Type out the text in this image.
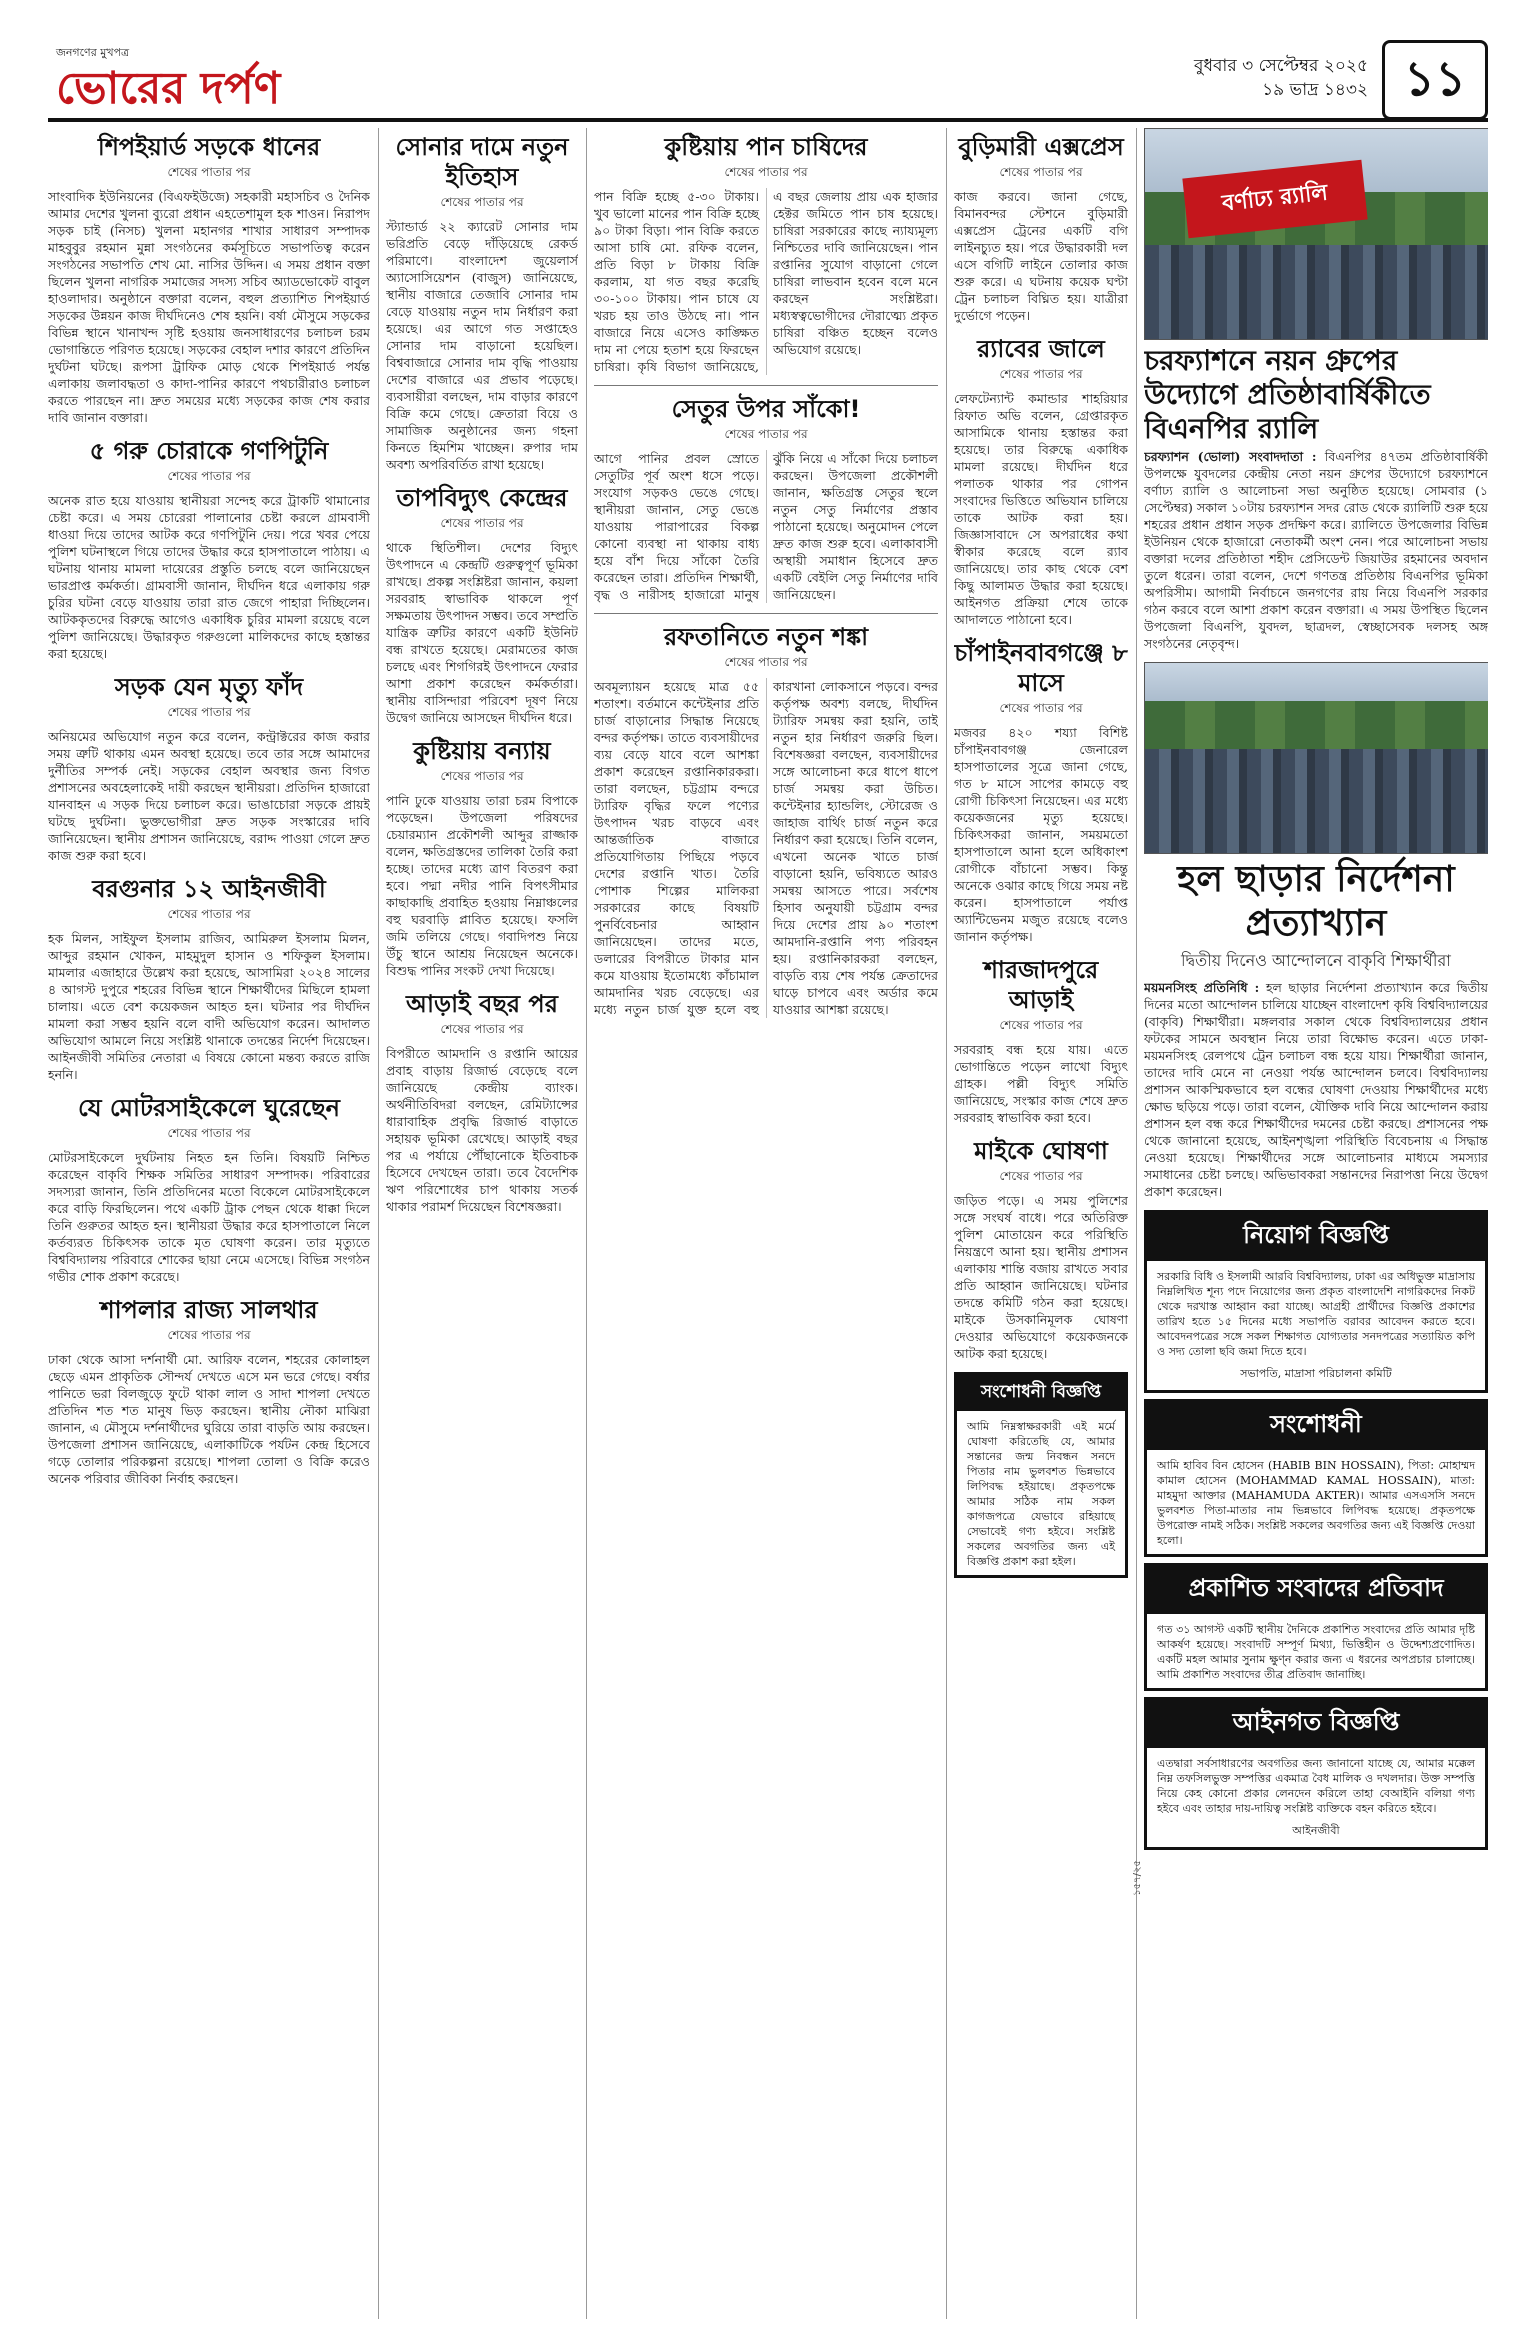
জনগণের মুখপত্র
ভোরের দর্পণ	বুধবার ৩ সেপ্টেম্বর ২০২৫
১৯ ভাদ্র ১৪৩২ ১১
শিপইয়ার্ড সড়কে ধানের
শেষের পাতার পর
সাংবাদিক ইউনিয়নের (বিএফইউজে) সহকারী মহাসচিব ও দৈনিক আমার দেশের খুলনা ব্যুরো প্রধান এহতেশামুল হক শাওন। নিরাপদ সড়ক চাই (নিসচ) খুলনা মহানগর শাখার সাধারণ সম্পাদক মাহবুবুর রহমান মুন্না সংগঠনের কর্মসূচিতে সভাপতিত্ব করেন সংগঠনের সভাপতি শেখ মো. নাসির উদ্দিন। এ সময় প্রধান বক্তা ছিলেন খুলনা নাগরিক সমাজের সদস্য সচিব অ্যাডভোকেট বাবুল হাওলাদার। অনুষ্ঠানে বক্তারা বলেন, বহুল প্রত্যাশিত শিপইয়ার্ড সড়কের উন্নয়ন কাজ দীর্ঘদিনেও শেষ হয়নি। বর্ষা মৌসুমে সড়কের বিভিন্ন স্থানে খানাখন্দ সৃষ্টি হওয়ায় জনসাধারণের চলাচল চরম ভোগান্তিতে পরিণত হয়েছে। সড়কের বেহাল দশার কারণে প্রতিদিন দুর্ঘটনা ঘটছে। রূপসা ট্রাফিক মোড় থেকে শিপইয়ার্ড পর্যন্ত এলাকায় জলাবদ্ধতা ও কাদা-পানির কারণে পথচারীরাও চলাচল করতে পারছেন না। দ্রুত সময়ের মধ্যে সড়কের কাজ শেষ করার দাবি জানান বক্তারা।
৫ গরু চোরাকে গণপিটুনি
শেষের পাতার পর
অনেক রাত হয়ে যাওয়ায় স্থানীয়রা সন্দেহ করে ট্রাকটি থামানোর চেষ্টা করে। এ সময় চোরেরা পালানোর চেষ্টা করলে গ্রামবাসী ধাওয়া দিয়ে তাদের আটক করে গণপিটুনি দেয়। পরে খবর পেয়ে পুলিশ ঘটনাস্থলে গিয়ে তাদের উদ্ধার করে হাসপাতালে পাঠায়। এ ঘটনায় থানায় মামলা দায়েরের প্রস্তুতি চলছে বলে জানিয়েছেন ভারপ্রাপ্ত কর্মকর্তা। গ্রামবাসী জানান, দীর্ঘদিন ধরে এলাকায় গরু চুরির ঘটনা বেড়ে যাওয়ায় তারা রাত জেগে পাহারা দিচ্ছিলেন। আটককৃতদের বিরুদ্ধে আগেও একাধিক চুরির মামলা রয়েছে বলে পুলিশ জানিয়েছে। উদ্ধারকৃত গরুগুলো মালিকদের কাছে হস্তান্তর করা হয়েছে।
সড়ক যেন মৃত্যু ফাঁদ
শেষের পাতার পর
অনিয়মের অভিযোগ নতুন করে বলেন, কন্ট্রাক্টরের কাজ করার সময় ত্রুটি থাকায় এমন অবস্থা হয়েছে। তবে তার সঙ্গে আমাদের দুর্নীতির সম্পর্ক নেই। সড়কের বেহাল অবস্থার জন্য বিগত প্রশাসনের অবহেলাকেই দায়ী করছেন স্থানীয়রা। প্রতিদিন হাজারো যানবাহন এ সড়ক দিয়ে চলাচল করে। ভাঙাচোরা সড়কে প্রায়ই ঘটছে দুর্ঘটনা। ভুক্তভোগীরা দ্রুত সড়ক সংস্কারের দাবি জানিয়েছেন। স্থানীয় প্রশাসন জানিয়েছে, বরাদ্দ পাওয়া গেলে দ্রুত কাজ শুরু করা হবে।
বরগুনার ১২ আইনজীবী
শেষের পাতার পর
হক মিলন, সাইফুল ইসলাম রাজিব, আমিরুল ইসলাম মিলন, আব্দুর রহমান খোকন, মাহমুদুল হাসান ও শফিকুল ইসলাম। মামলার এজাহারে উল্লেখ করা হয়েছে, আসামিরা ২০২৪ সালের ৪ আগস্ট দুপুরে শহরের বিভিন্ন স্থানে শিক্ষার্থীদের মিছিলে হামলা চালায়। এতে বেশ কয়েকজন আহত হন। ঘটনার পর দীর্ঘদিন মামলা করা সম্ভব হয়নি বলে বাদী অভিযোগ করেন। আদালত অভিযোগ আমলে নিয়ে সংশ্লিষ্ট থানাকে তদন্তের নির্দেশ দিয়েছেন। আইনজীবী সমিতির নেতারা এ বিষয়ে কোনো মন্তব্য করতে রাজি হননি।
যে মোটরসাইকেলে ঘুরেছেন
শেষের পাতার পর
মোটরসাইকেলে দুর্ঘটনায় নিহত হন তিনি। বিষয়টি নিশ্চিত করেছেন বাকৃবি শিক্ষক সমিতির সাধারণ সম্পাদক। পরিবারের সদস্যরা জানান, তিনি প্রতিদিনের মতো বিকেলে মোটরসাইকেলে করে বাড়ি ফিরছিলেন। পথে একটি ট্রাক পেছন থেকে ধাক্কা দিলে তিনি গুরুতর আহত হন। স্থানীয়রা উদ্ধার করে হাসপাতালে নিলে কর্তব্যরত চিকিৎসক তাকে মৃত ঘোষণা করেন। তার মৃত্যুতে বিশ্ববিদ্যালয় পরিবারে শোকের ছায়া নেমে এসেছে। বিভিন্ন সংগঠন গভীর শোক প্রকাশ করেছে।
শাপলার রাজ্য সালথার
শেষের পাতার পর
ঢাকা থেকে আসা দর্শনার্থী মো. আরিফ বলেন, শহরের কোলাহল ছেড়ে এমন প্রাকৃতিক সৌন্দর্য দেখতে এসে মন ভরে গেছে। বর্ষার পানিতে ভরা বিলজুড়ে ফুটে থাকা লাল ও সাদা শাপলা দেখতে প্রতিদিন শত শত মানুষ ভিড় করছেন। স্থানীয় নৌকা মাঝিরা জানান, এ মৌসুমে দর্শনার্থীদের ঘুরিয়ে তারা বাড়তি আয় করছেন। উপজেলা প্রশাসন জানিয়েছে, এলাকাটিকে পর্যটন কেন্দ্র হিসেবে গড়ে তোলার পরিকল্পনা রয়েছে। শাপলা তোলা ও বিক্রি করেও অনেক পরিবার জীবিকা নির্বাহ করছেন।
সোনার দামে নতুন ইতিহাস
শেষের পাতার পর
স্ট্যান্ডার্ড ২২ ক্যারেট সোনার দাম ভরিপ্রতি বেড়ে দাঁড়িয়েছে রেকর্ড পরিমাণে। বাংলাদেশ জুয়েলার্স অ্যাসোসিয়েশন (বাজুস) জানিয়েছে, স্থানীয় বাজারে তেজাবি সোনার দাম বেড়ে যাওয়ায় নতুন দাম নির্ধারণ করা হয়েছে। এর আগে গত সপ্তাহেও সোনার দাম বাড়ানো হয়েছিল। বিশ্ববাজারে সোনার দাম বৃদ্ধি পাওয়ায় দেশের বাজারে এর প্রভাব পড়েছে। ব্যবসায়ীরা বলছেন, দাম বাড়ার কারণে বিক্রি কমে গেছে। ক্রেতারা বিয়ে ও সামাজিক অনুষ্ঠানের জন্য গহনা কিনতে হিমশিম খাচ্ছেন। রুপার দাম অবশ্য অপরিবর্তিত রাখা হয়েছে।
তাপবিদ্যুৎ কেন্দ্রের
শেষের পাতার পর
থাকে স্থিতিশীল। দেশের বিদ্যুৎ উৎপাদনে এ কেন্দ্রটি গুরুত্বপূর্ণ ভূমিকা রাখছে। প্রকল্প সংশ্লিষ্টরা জানান, কয়লা সরবরাহ স্বাভাবিক থাকলে পূর্ণ সক্ষমতায় উৎপাদন সম্ভব। তবে সম্প্রতি যান্ত্রিক ত্রুটির কারণে একটি ইউনিট বন্ধ রাখতে হয়েছে। মেরামতের কাজ চলছে এবং শিগগিরই উৎপাদনে ফেরার আশা প্রকাশ করেছেন কর্মকর্তারা। স্থানীয় বাসিন্দারা পরিবেশ দূষণ নিয়ে উদ্বেগ জানিয়ে আসছেন দীর্ঘদিন ধরে।
কুষ্টিয়ায় বন্যায়
শেষের পাতার পর
পানি ঢুকে যাওয়ায় তারা চরম বিপাকে পড়েছেন। উপজেলা পরিষদের চেয়ারম্যান প্রকৌশলী আব্দুর রাজ্জাক বলেন, ক্ষতিগ্রস্তদের তালিকা তৈরি করা হচ্ছে। তাদের মধ্যে ত্রাণ বিতরণ করা হবে। পদ্মা নদীর পানি বিপৎসীমার কাছাকাছি প্রবাহিত হওয়ায় নিম্নাঞ্চলের বহু ঘরবাড়ি প্লাবিত হয়েছে। ফসলি জমি তলিয়ে গেছে। গবাদিপশু নিয়ে উঁচু স্থানে আশ্রয় নিয়েছেন অনেকে। বিশুদ্ধ পানির সংকট দেখা দিয়েছে।
আড়াই বছর পর
শেষের পাতার পর
বিপরীতে আমদানি ও রপ্তানি আয়ের প্রবাহ বাড়ায় রিজার্ভ বেড়েছে বলে জানিয়েছে কেন্দ্রীয় ব্যাংক। অর্থনীতিবিদরা বলছেন, রেমিট্যান্সের ধারাবাহিক প্রবৃদ্ধি রিজার্ভ বাড়াতে সহায়ক ভূমিকা রেখেছে। আড়াই বছর পর এ পর্যায়ে পৌঁছানোকে ইতিবাচক হিসেবে দেখছেন তারা। তবে বৈদেশিক ঋণ পরিশোধের চাপ থাকায় সতর্ক থাকার পরামর্শ দিয়েছেন বিশেষজ্ঞরা।
কুষ্টিয়ায় পান চাষিদের
শেষের পাতার পর
পান বিক্রি হচ্ছে ৫-৩০ টাকায়। খুব ভালো মানের পান বিক্রি হচ্ছে ৯০ টাকা বিড়া। পান বিক্রি করতে আসা চাষি মো. রফিক বলেন, প্রতি বিড়া ৮ টাকায় বিক্রি করলাম, যা গত বছর করেছি ৩০-১০০ টাকায়। পান চাষে যে খরচ হয় তাও উঠছে না। পান বাজারে নিয়ে এসেও কাঙ্ক্ষিত দাম না পেয়ে হতাশ হয়ে ফিরছেন চাষিরা। কৃষি বিভাগ জানিয়েছে, এ বছর জেলায় প্রায় এক হাজার হেক্টর জমিতে পান চাষ হয়েছে। চাষিরা সরকারের কাছে ন্যায্যমূল্য নিশ্চিতের দাবি জানিয়েছেন। পান রপ্তানির সুযোগ বাড়ানো গেলে চাষিরা লাভবান হবেন বলে মনে করছেন সংশ্লিষ্টরা। মধ্যস্বত্বভোগীদের দৌরাত্ম্যে প্রকৃত চাষিরা বঞ্চিত হচ্ছেন বলেও অভিযোগ রয়েছে।
সেতুর উপর সাঁকো!
শেষের পাতার পর
আগে পানির প্রবল স্রোতে সেতুটির পূর্ব অংশ ধসে পড়ে। সংযোগ সড়কও ভেঙে গেছে। স্থানীয়রা জানান, সেতু ভেঙে যাওয়ায় পারাপারের বিকল্প কোনো ব্যবস্থা না থাকায় বাধ্য হয়ে বাঁশ দিয়ে সাঁকো তৈরি করেছেন তারা। প্রতিদিন শিক্ষার্থী, বৃদ্ধ ও নারীসহ হাজারো মানুষ ঝুঁকি নিয়ে এ সাঁকো দিয়ে চলাচল করছেন। উপজেলা প্রকৌশলী জানান, ক্ষতিগ্রস্ত সেতুর স্থলে নতুন সেতু নির্মাণের প্রস্তাব পাঠানো হয়েছে। অনুমোদন পেলে দ্রুত কাজ শুরু হবে। এলাকাবাসী অস্থায়ী সমাধান হিসেবে দ্রুত একটি বেইলি সেতু নির্মাণের দাবি জানিয়েছেন।
রফতানিতে নতুন শঙ্কা
শেষের পাতার পর
অবমূল্যায়ন হয়েছে মাত্র ৫৫ শতাংশ। বর্তমানে কন্টেইনার প্রতি চার্জ বাড়ানোর সিদ্ধান্ত নিয়েছে বন্দর কর্তৃপক্ষ। তাতে ব্যবসায়ীদের ব্যয় বেড়ে যাবে বলে আশঙ্কা প্রকাশ করেছেন রপ্তানিকারকরা। তারা বলছেন, চট্টগ্রাম বন্দরে ট্যারিফ বৃদ্ধির ফলে পণ্যের উৎপাদন খরচ বাড়বে এবং আন্তর্জাতিক বাজারে প্রতিযোগিতায় পিছিয়ে পড়বে দেশের রপ্তানি খাত। তৈরি পোশাক শিল্পের মালিকরা সরকারের কাছে বিষয়টি পুনর্বিবেচনার আহ্বান জানিয়েছেন। তাদের মতে, ডলারের বিপরীতে টাকার মান কমে যাওয়ায় ইতোমধ্যে কাঁচামাল আমদানির খরচ বেড়েছে। এর মধ্যে নতুন চার্জ যুক্ত হলে বহু কারখানা লোকসানে পড়বে। বন্দর কর্তৃপক্ষ অবশ্য বলছে, দীর্ঘদিন ট্যারিফ সমন্বয় করা হয়নি, তাই নতুন হার নির্ধারণ জরুরি ছিল। বিশেষজ্ঞরা বলছেন, ব্যবসায়ীদের সঙ্গে আলোচনা করে ধাপে ধাপে চার্জ সমন্বয় করা উচিত। কন্টেইনার হ্যান্ডলিং, স্টোরেজ ও জাহাজ বার্থিং চার্জ নতুন করে নির্ধারণ করা হয়েছে। তিনি বলেন, এখনো অনেক খাতে চার্জ বাড়ানো হয়নি, ভবিষ্যতে আরও সমন্বয় আসতে পারে। সর্বশেষ হিসাব অনুযায়ী চট্টগ্রাম বন্দর দিয়ে দেশের প্রায় ৯০ শতাংশ আমদানি-রপ্তানি পণ্য পরিবহন হয়। রপ্তানিকারকরা বলছেন, বাড়তি ব্যয় শেষ পর্যন্ত ক্রেতাদের ঘাড়ে চাপবে এবং অর্ডার কমে যাওয়ার আশঙ্কা রয়েছে।
বুড়িমারী এক্সপ্রেস
শেষের পাতার পর
কাজ করবে। জানা গেছে, বিমানবন্দর স্টেশনে বুড়িমারী এক্সপ্রেস ট্রেনের একটি বগি লাইনচ্যুত হয়। পরে উদ্ধারকারী দল এসে বগিটি লাইনে তোলার কাজ শুরু করে। এ ঘটনায় কয়েক ঘণ্টা ট্রেন চলাচল বিঘ্নিত হয়। যাত্রীরা দুর্ভোগে পড়েন।
র‍্যাবের জালে
শেষের পাতার পর
লেফটেন্যান্ট কমান্ডার শাহরিয়ার রিফাত অভি বলেন, গ্রেপ্তারকৃত আসামিকে থানায় হস্তান্তর করা হয়েছে। তার বিরুদ্ধে একাধিক মামলা রয়েছে। দীর্ঘদিন ধরে পলাতক থাকার পর গোপন সংবাদের ভিত্তিতে অভিযান চালিয়ে তাকে আটক করা হয়। জিজ্ঞাসাবাদে সে অপরাধের কথা স্বীকার করেছে বলে র‍্যাব জানিয়েছে। তার কাছ থেকে বেশ কিছু আলামত উদ্ধার করা হয়েছে। আইনগত প্রক্রিয়া শেষে তাকে আদালতে পাঠানো হবে।
চাঁপাইনবাবগঞ্জে ৮ মাসে
শেষের পাতার পর
মজবর ৪২০ শয্যা বিশিষ্ট চাঁপাইনবাবগঞ্জ জেনারেল হাসপাতালের সূত্রে জানা গেছে, গত ৮ মাসে সাপের কামড়ে বহু রোগী চিকিৎসা নিয়েছেন। এর মধ্যে কয়েকজনের মৃত্যু হয়েছে। চিকিৎসকরা জানান, সময়মতো হাসপাতালে আনা হলে অধিকাংশ রোগীকে বাঁচানো সম্ভব। কিন্তু অনেকে ওঝার কাছে গিয়ে সময় নষ্ট করেন। হাসপাতালে পর্যাপ্ত অ্যান্টিভেনম মজুত রয়েছে বলেও জানান কর্তৃপক্ষ।
শারজাদপুরে আড়াই
শেষের পাতার পর
সরবরাহ বন্ধ হয়ে যায়। এতে ভোগান্তিতে পড়েন লাখো বিদ্যুৎ গ্রাহক। পল্লী বিদ্যুৎ সমিতি জানিয়েছে, সংস্কার কাজ শেষে দ্রুত সরবরাহ স্বাভাবিক করা হবে।
মাইকে ঘোষণা
শেষের পাতার পর
জড়িত পড়ে। এ সময় পুলিশের সঙ্গে সংঘর্ষ বাধে। পরে অতিরিক্ত পুলিশ মোতায়েন করে পরিস্থিতি নিয়ন্ত্রণে আনা হয়। স্থানীয় প্রশাসন এলাকায় শান্তি বজায় রাখতে সবার প্রতি আহ্বান জানিয়েছে। ঘটনার তদন্তে কমিটি গঠন করা হয়েছে। মাইকে উসকানিমূলক ঘোষণা দেওয়ার অভিযোগে কয়েকজনকে আটক করা হয়েছে।
সংশোধনী বিজ্ঞপ্তি
আমি নিম্নস্বাক্ষরকারী এই মর্মে ঘোষণা করিতেছি যে, আমার সন্তানের জন্ম নিবন্ধন সনদে পিতার নাম ভুলবশত ভিন্নভাবে লিপিবদ্ধ হইয়াছে। প্রকৃতপক্ষে আমার সঠিক নাম সকল কাগজপত্রে যেভাবে রহিয়াছে সেভাবেই গণ্য হইবে। সংশ্লিষ্ট সকলের অবগতির জন্য এই বিজ্ঞপ্তি প্রকাশ করা হইল।
১৫৭/২৫
বর্ণাঢ্য র‍্যালি
চরফ্যাশনে নয়ন গ্রুপের উদ্যোগে প্রতিষ্ঠাবার্ষিকীতে বিএনপির র‍্যালি
চরফ্যাশন (ভোলা) সংবাদদাতা : বিএনপির ৪৭তম প্রতিষ্ঠাবার্ষিকী উপলক্ষে যুবদলের কেন্দ্রীয় নেতা নয়ন গ্রুপের উদ্যোগে চরফ্যাশনে বর্ণাঢ্য র‍্যালি ও আলোচনা সভা অনুষ্ঠিত হয়েছে। সোমবার (১ সেপ্টেম্বর) সকাল ১০টায় চরফ্যাশন সদর রোড থেকে র‍্যালিটি শুরু হয়ে শহরের প্রধান প্রধান সড়ক প্রদক্ষিণ করে। র‍্যালিতে উপজেলার বিভিন্ন ইউনিয়ন থেকে হাজারো নেতাকর্মী অংশ নেন। পরে আলোচনা সভায় বক্তারা দলের প্রতিষ্ঠাতা শহীদ প্রেসিডেন্ট জিয়াউর রহমানের অবদান তুলে ধরেন। তারা বলেন, দেশে গণতন্ত্র প্রতিষ্ঠায় বিএনপির ভূমিকা অপরিসীম। আগামী নির্বাচনে জনগণের রায় নিয়ে বিএনপি সরকার গঠন করবে বলে আশা প্রকাশ করেন বক্তারা। এ সময় উপস্থিত ছিলেন উপজেলা বিএনপি, যুবদল, ছাত্রদল, স্বেচ্ছাসেবক দলসহ অঙ্গ সংগঠনের নেতৃবৃন্দ।
হল ছাড়ার নির্দেশনা প্রত্যাখ্যান
দ্বিতীয় দিনেও আন্দোলনে বাকৃবি শিক্ষার্থীরা
ময়মনসিংহ প্রতিনিধি : হল ছাড়ার নির্দেশনা প্রত্যাখ্যান করে দ্বিতীয় দিনের মতো আন্দোলন চালিয়ে যাচ্ছেন বাংলাদেশ কৃষি বিশ্ববিদ্যালয়ের (বাকৃবি) শিক্ষার্থীরা। মঙ্গলবার সকাল থেকে বিশ্ববিদ্যালয়ের প্রধান ফটকের সামনে অবস্থান নিয়ে তারা বিক্ষোভ করেন। এতে ঢাকা-ময়মনসিংহ রেলপথে ট্রেন চলাচল বন্ধ হয়ে যায়। শিক্ষার্থীরা জানান, তাদের দাবি মেনে না নেওয়া পর্যন্ত আন্দোলন চলবে। বিশ্ববিদ্যালয় প্রশাসন আকস্মিকভাবে হল বন্ধের ঘোষণা দেওয়ায় শিক্ষার্থীদের মধ্যে ক্ষোভ ছড়িয়ে পড়ে। তারা বলেন, যৌক্তিক দাবি নিয়ে আন্দোলন করায় প্রশাসন হল বন্ধ করে শিক্ষার্থীদের দমনের চেষ্টা করছে। প্রশাসনের পক্ষ থেকে জানানো হয়েছে, আইনশৃঙ্খলা পরিস্থিতি বিবেচনায় এ সিদ্ধান্ত নেওয়া হয়েছে। শিক্ষার্থীদের সঙ্গে আলোচনার মাধ্যমে সমস্যার সমাধানের চেষ্টা চলছে। অভিভাবকরা সন্তানদের নিরাপত্তা নিয়ে উদ্বেগ প্রকাশ করেছেন।
নিয়োগ বিজ্ঞপ্তি
সরকারি বিধি ও ইসলামী আরবি বিশ্ববিদ্যালয়, ঢাকা এর অধিভুক্ত মাদ্রাসায় নিম্নলিখিত শূন্য পদে নিয়োগের জন্য প্রকৃত বাংলাদেশি নাগরিকদের নিকট থেকে দরখাস্ত আহ্বান করা যাচ্ছে। আগ্রহী প্রার্থীদের বিজ্ঞপ্তি প্রকাশের তারিখ হতে ১৫ দিনের মধ্যে সভাপতি বরাবর আবেদন করতে হবে। আবেদনপত্রের সঙ্গে সকল শিক্ষাগত যোগ্যতার সনদপত্রের সত্যায়িত কপি ও সদ্য তোলা ছবি জমা দিতে হবে।
সভাপতি, মাদ্রাসা পরিচালনা কমিটি
সংশোধনী
আমি হাবিব বিন হোসেন (HABIB BIN HOSSAIN), পিতা: মোহাম্মদ কামাল হোসেন (MOHAMMAD KAMAL HOSSAIN), মাতা: মাহমুদা আক্তার (MAHAMUDA AKTER)। আমার এসএসসি সনদে ভুলবশত পিতা-মাতার নাম ভিন্নভাবে লিপিবদ্ধ হয়েছে। প্রকৃতপক্ষে উপরোক্ত নামই সঠিক। সংশ্লিষ্ট সকলের অবগতির জন্য এই বিজ্ঞপ্তি দেওয়া হলো।
প্রকাশিত সংবাদের প্রতিবাদ
গত ৩১ আগস্ট একটি স্থানীয় দৈনিকে প্রকাশিত সংবাদের প্রতি আমার দৃষ্টি আকর্ষণ হয়েছে। সংবাদটি সম্পূর্ণ মিথ্যা, ভিত্তিহীন ও উদ্দেশ্যপ্রণোদিত। একটি মহল আমার সুনাম ক্ষুণ্ন করার জন্য এ ধরনের অপপ্রচার চালাচ্ছে। আমি প্রকাশিত সংবাদের তীব্র প্রতিবাদ জানাচ্ছি।
আইনগত বিজ্ঞপ্তি
এতদ্বারা সর্বসাধারণের অবগতির জন্য জানানো যাচ্ছে যে, আমার মক্কেল নিম্ন তফসিলভুক্ত সম্পত্তির একমাত্র বৈধ মালিক ও দখলদার। উক্ত সম্পত্তি নিয়ে কেহ কোনো প্রকার লেনদেন করিলে তাহা বেআইনি বলিয়া গণ্য হইবে এবং তাহার দায়-দায়িত্ব সংশ্লিষ্ট ব্যক্তিকে বহন করিতে হইবে।
আইনজীবী
